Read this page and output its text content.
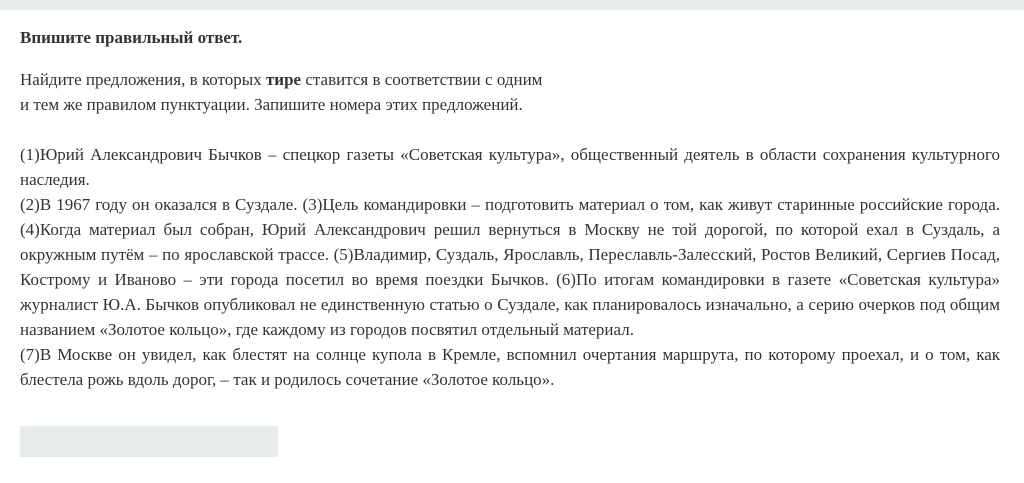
Впишите правильный ответ.

Найдите предложения, в которых тире ставится в соответствии с одним
и тем же правилом пунктуации. Запишите номера этих предложений.

(1)Юрий Александрович Бычков – спецкор газеты «Советская культура», общественный деятель в области сохранения культурного наследия.
(2)В 1967 году он оказался в Суздале. (3)Цель командировки – подготовить материал о том, как живут старинные российские города. (4)Когда материал был собран, Юрий Александрович решил вернуться в Москву не той дорогой, по которой ехал в Суздаль, а окружным путём – по ярославской трассе. (5)Владимир, Суздаль, Ярославль, Переславль-Залесский, Ростов Великий, Сергиев Посад, Кострому и Иваново – эти города посетил во время поездки Бычков. (6)По итогам командировки в газете «Советская культура» журналист Ю.А. Бычков опубликовал не единственную статью о Суздале, как планировалось изначально, а серию очерков под общим названием «Золотое кольцо», где каждому из городов посвятил отдельный материал.
(7)В Москве он увидел, как блестят на солнце купола в Кремле, вспомнил очертания маршрута, по которому проехал, и о том, как блестела рожь вдоль дорог, – так и родилось сочетание «Золотое кольцо».
